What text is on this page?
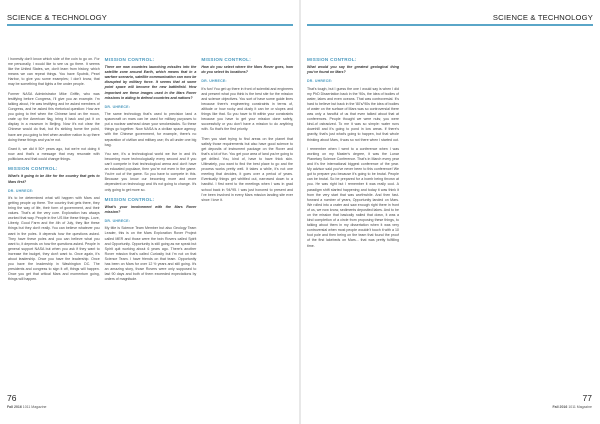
SCIENCE & TECHNOLOGY

I honestly don't know which side of the coin to go on. For me personally, I would like to see us go there. It seems like the United States, we, don't learn from history, which means we can repeat things. You have Sputnik, Pearl Harbor, to give you some examples; I don't know, that may be something that lights a fire under people.

Former NASA Administrator Mike Griffin, who was testifying before Congress, I'll give you an example. I'm talking about, He was testifying and he asked members of Congress, and he asked this rhetorical question: How are you going to feel when the Chinese land on the moon, crate up the American flag, bring it back and put it on display in a museum in Beijing. Now it's not clear the Chinese would do that, but it's striking home the point, have are you going to feel when another nation is up there doing these things and you're not.

Grant it, we did it 50+ years ago, but we're not doing it now and that's a message that may resonate with politicians and that could change things.

MISSION CONTROL:

What's it going to be like for the country that gets to Mars first?

DR. UHRECE:

It's to be determined what will happen with Mars and getting people up there. The country that gets there, they bring the way of life, their form of government, and their values. That's at the very core. Exploration has always worked that way. People in the US like these things. Love, Liberty, Good Farm and the 4th of July, they like these things but they don't really. You can believe whatever you want in the poles. It depends how the questions asked. They have these poles and you can believe what you want to, it depends on how the questions asked. People in general support NASA but when you ask if they want to increase the budget, they don't want to. Once again, it's about leadership. Once you have the leadership. Once you have the leadership in Washington DC. The presidents and congress to sign it off, things will happen. Once you get that critical Mars and momentum going, things will happen.

MISSION CONTROL:

There are now countries launching missiles into the satellite zone around Earth, which means that in a warfare scenario, satellite communication can now be disrupted by military force. It seems that at some point space will become the new battlefield. How important are these images used in the Mars Rover missions in aiding to defend countries and nations?

DR. UHRECE:

The same technology that's used to precision land a spacecraft on mars can be used for military purposes to put a nuclear warhead down your smokestacks. So these things go together. Now NASA is a civilian space agency, with the Chinese government, for example, there's no separation of civilian and military use; it's all under one big bag.

You see, it's a technological world we live in and it's becoming more technologically every second and if you can't compete in that technological arena and don't have an educated populace, then you're not even in the game. You're out of the game. So you have to compete in this. Because you know our becoming more and more dependent on technology and it's not going to change. It's only going to get more so.

MISSION CONTROL:

What's your involvement with the Mars Rover mission?

DR. UHRECE:

My title is Science Team Member but also Geology Team Leader, this is on the Mars Exploration Rover Project called MER and those were the twin Rovers called Spirit and Opportunity. Opportunity is still going as we speak but Spirit quit working about 6 years ago. There's another Rover mission that's called Curiosity but I'm not on that Science Team. I have friends on that team. Opportunity has been on Mars for over 12 ½ years and still going. It's an amazing story, those Rovers were only supposed to last 90 days and both of them exceeded expectations by orders of magnitude.

MISSION CONTROL:

How do you select where the Mars Rover goes, how do you select its locations?

DR. UHRECE:

It's fun! You get up there in front of scientist and engineers and present what you think is the best site for the mission and science objectives. You sort of have some guide lines because there's engineering constraints in terms of, altitude or how rocky and dusty it can be or slopes and things like that. So you have to fit within your constraints because you have to get your mission done safely, successfully or you don't have a mission to do anything with. So that's the first priority.

Then you start trying to find areas on the planet that satisfy those requirements but also have good science to get deposits of instrument package on the Rover and that's a lot of fun. You get your area of land you're going to get drilled. You, kind of, have to have thick skin. Ultimately, you want to find the best place to go and the process works pretty well. It takes a while, it's not one meeting that decides, it goes over a period of years. Eventually things get whittled out, narrowed down to a handful. I first went to the meetings when I was in grad school back in '94/'95. I was just honored to present and I've been involved in every Mars mission landing site ever since I love it.

76
Fall 2016 1011 Magazine
SCIENCE & TECHNOLOGY
MISSION CONTROL:

What would you say the greatest geological thing you've found on Mars?

DR. UHRECE:

That's tough, but I guess the one I would say is when I did my PhD Dissertation back in the '90s, the idea of bodies of water, lakes and even oceans. That was controversial. It's hard to believe but back in the '80's/'90s the idea of bodies of water on the surface of Mars was so controversial there was only a handful of us that even talked about that at conferences. People thought we were nuts; you were kind-of ostracized. To me it was so simple: water runs downhill and it's going to pond in low areas. If there's gravity, that's just what's going to happen, but that whole thinking about Mars, it was so not there when I started out.

I remember when I went to a conference when I was working on my Master's degree, it was the Lunar Planetary Science Conference. That's in March every year and it's the international biggest conference of the year. My advisor said you've never been to this conference! We got to prepare you because it's going to be brutal. People can be brutal. So be prepared for a bomb being thrown at you. He was right but I remember it was really cool. A paradigm shift started happening and today it was think it from the very start that was worthwhile. And then fast-forward a number of years, Opportunity landed on Mars. We rolled into a crater and saw enough right there in front of us, we now know, sediments deposited lakes. And to be on the mission that basically nailed that down, it was a kind completion of a circle from proposing these things, to talking about them in my dissertation when it was very controversial when most people wouldn't touch it with a 10 foot pole and then being on the team that found the proof of the first lakebeds on Mars... that was pretty fulfilling time.

77
Fall 2016 1011 Magazine
